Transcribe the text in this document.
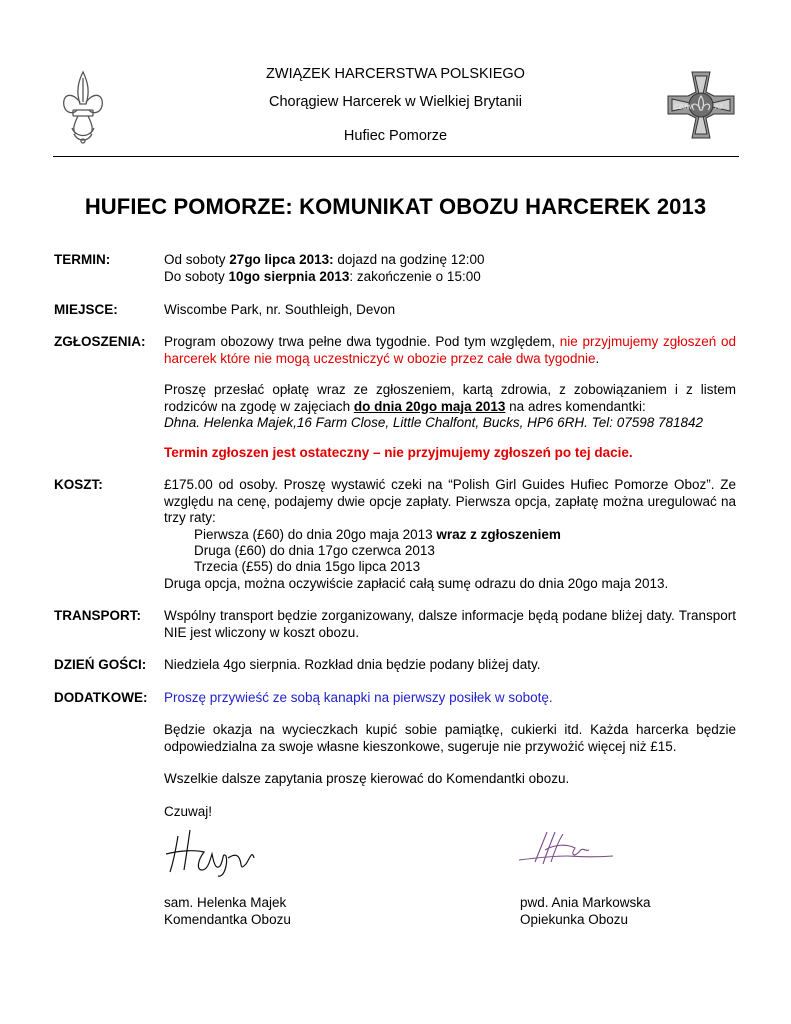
CZUW	AJ
ZWIĄZEK HARCERSTWA POLSKIEGO
Chorągiew Harcerek w Wielkiej Brytanii
Hufiec Pomorze
HUFIEC POMORZE: KOMUNIKAT OBOZU HARCEREK 2013
TERMIN:	Od soboty 27go lipca 2013: dojazd na godzinę 12:00
Do soboty 10go sierpnia 2013: zakończenie o 15:00
MIEJSCE:	Wiscombe Park, nr. Southleigh, Devon
ZGŁOSZENIA: Program obozowy trwa pełne dwa tygodnie. Pod tym względem, nie przyjmujemy zgłoszeń od harcerek które nie mogą uczestniczyć w obozie przez całe dwa tygodnie.
Proszę przesłać opłatę wraz ze zgłoszeniem, kartą zdrowia, z zobowiązaniem i z listem rodziców na zgodę w zajęciach do dnia 20go maja 2013 na adres komendantki:
Dhna. Helenka Majek,16 Farm Close, Little Chalfont, Bucks, HP6 6RH. Tel: 07598 781842
Termin zgłoszen jest ostateczny – nie przyjmujemy zgłoszeń po tej dacie.
KOSZT:	£175.00 od osoby. Proszę wystawić czeki na “Polish Girl Guides Hufiec Pomorze Oboz”. Ze względu na cenę, podajemy dwie opcje zapłaty. Pierwsza opcja, zapłatę można uregulować na trzy raty:
Pierwsza (£60) do dnia 20go maja 2013 wraz z zgłoszeniem
Druga (£60) do dnia 17go czerwca 2013
Trzecia (£55) do dnia 15go lipca 2013
Druga opcja, można oczywiście zapłacić całą sumę odrazu do dnia 20go maja 2013.
TRANSPORT: Wspólny transport będzie zorganizowany, dalsze informacje będą podane bliżej daty. Transport NIE jest wliczony w koszt obozu.
DZIEŃ GOŚCI: Niedziela 4go sierpnia. Rozkład dnia będzie podany bliżej daty.
DODATKOWE: Proszę przywieść ze sobą kanapki na pierwszy posiłek w sobotę.
Będzie okazja na wycieczkach kupić sobie pamiątkę, cukierki itd. Każda harcerka będzie odpowiedzialna za swoje własne kieszonkowe, sugeruje nie przywożić więcej niż £15.
Wszelkie dalsze zapytania proszę kierować do Komendantki obozu.
Czuwaj!
sam. Helenka Majek
Komendantka Obozu
pwd. Ania Markowska
Opiekunka Obozu
